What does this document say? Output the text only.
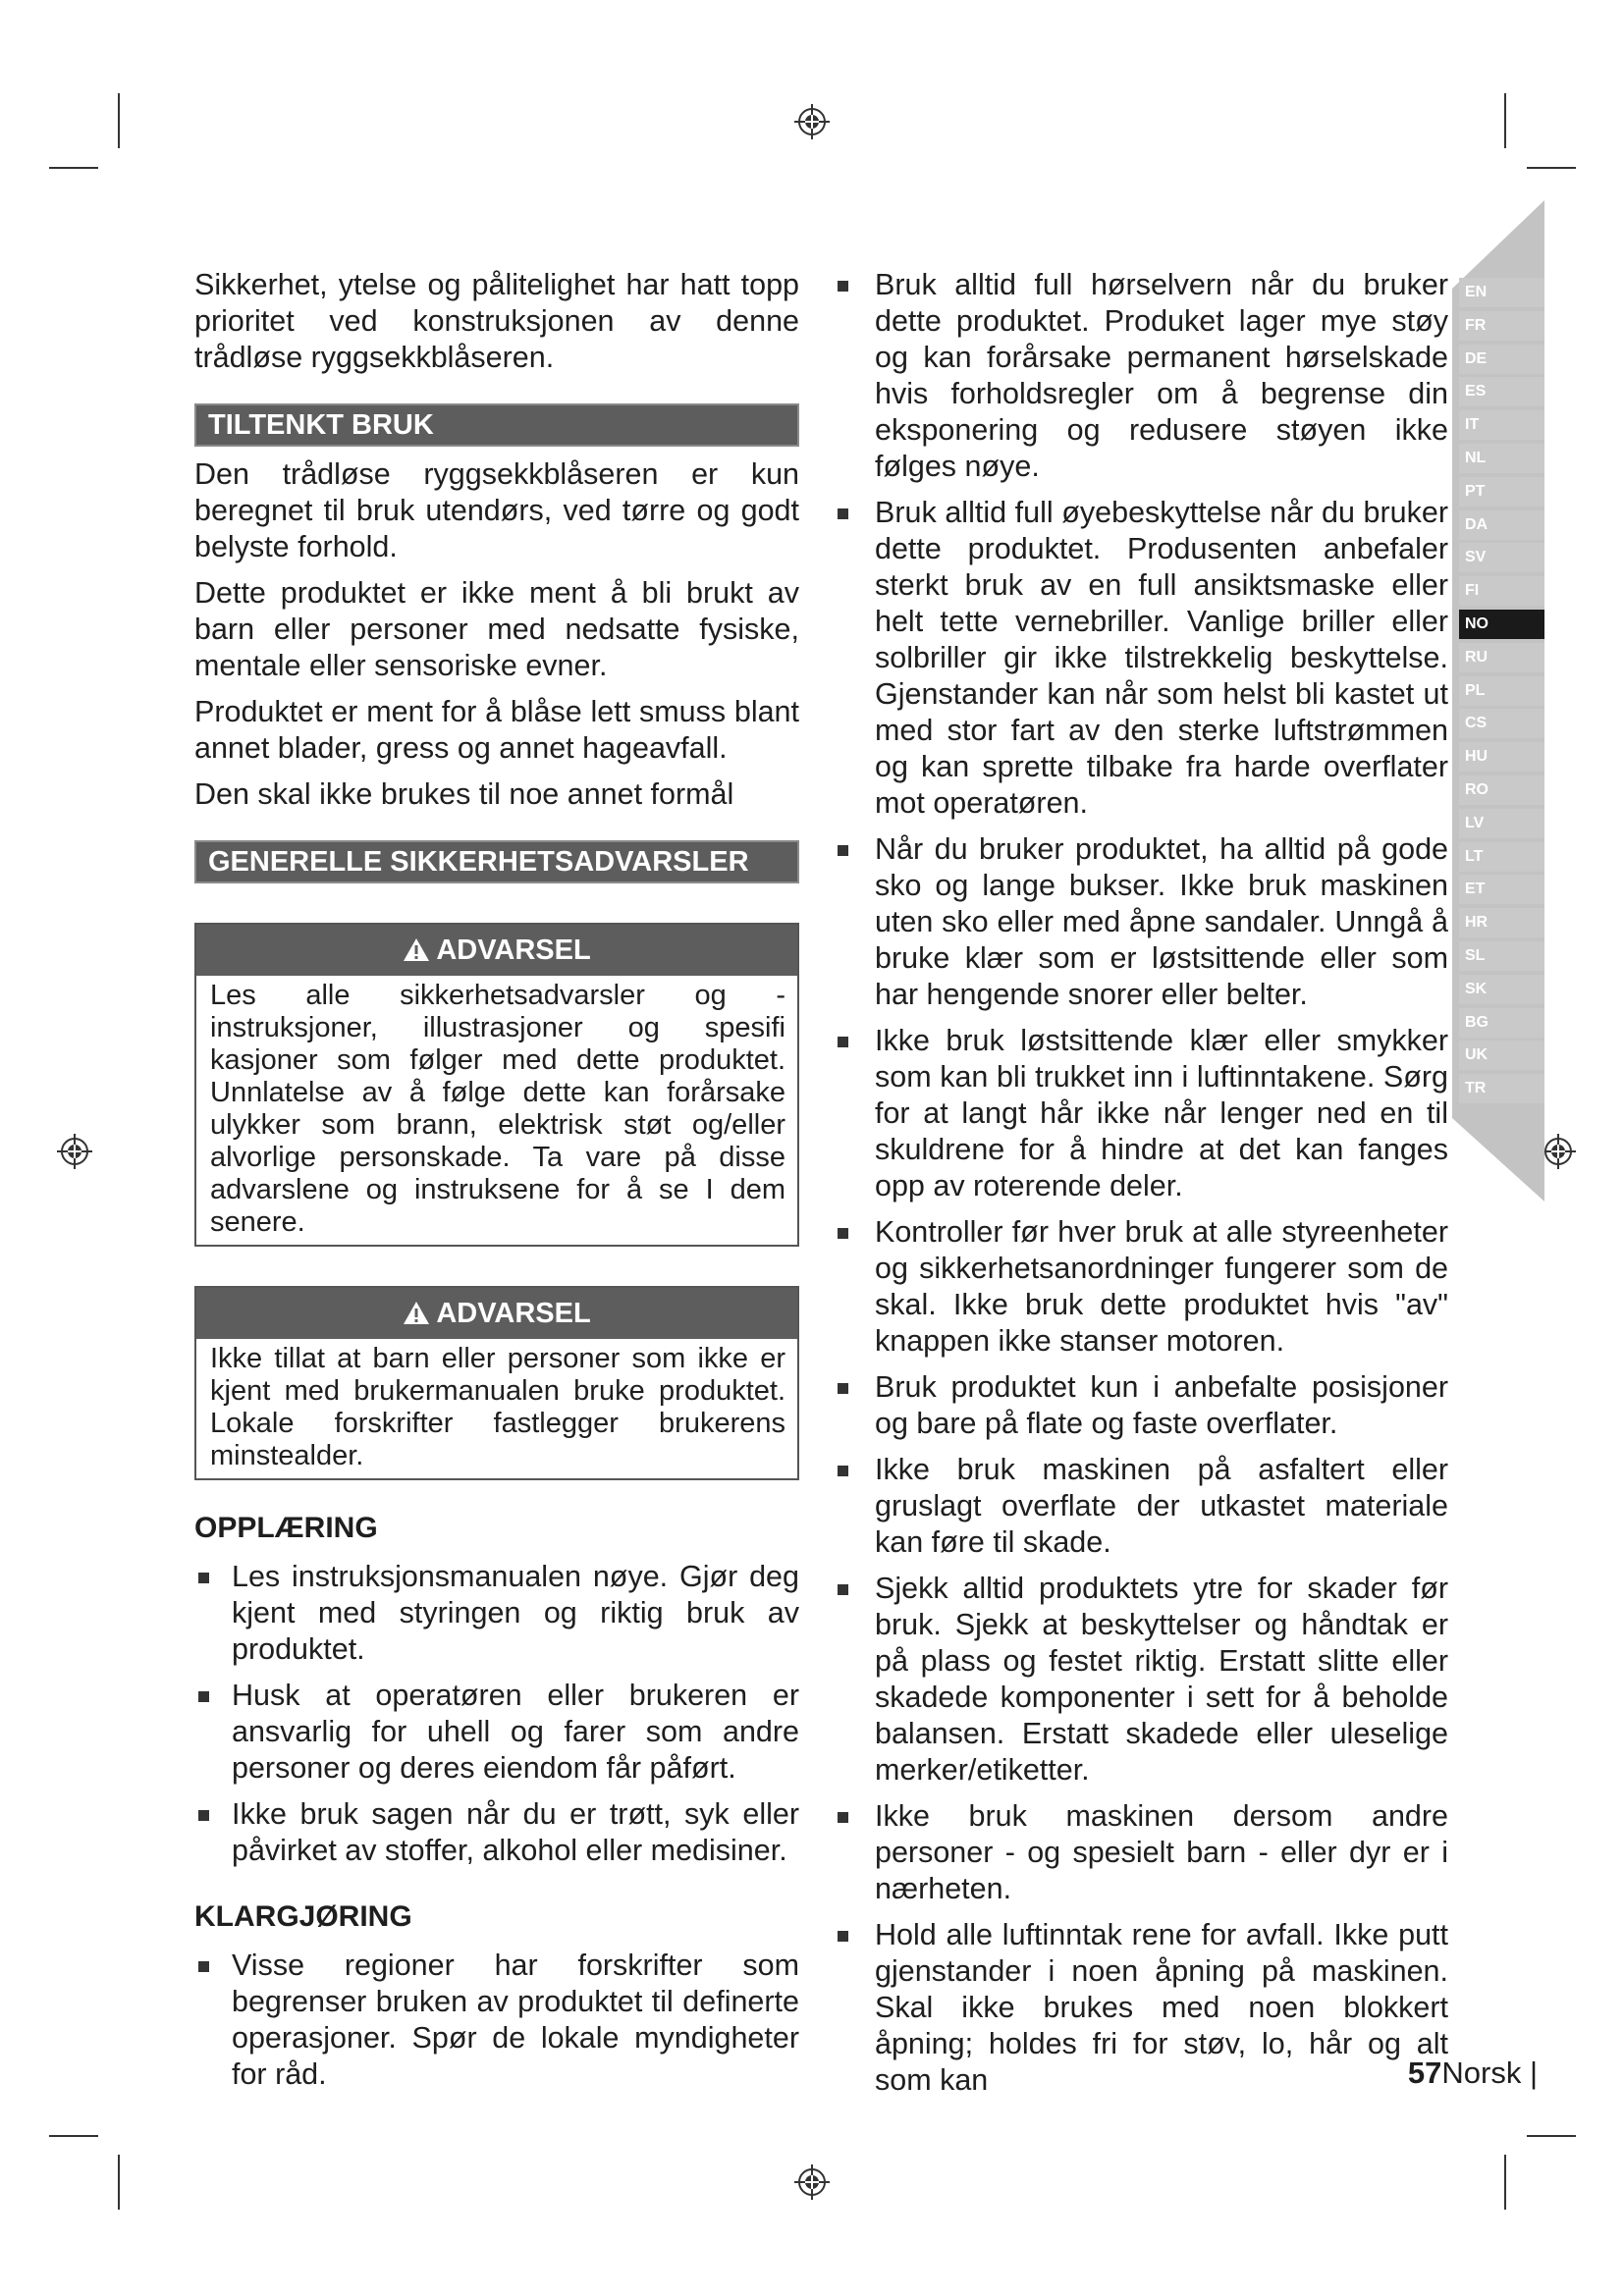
EN
FR
DE
ES
IT
NL
PT
DA
SV
FI
NO
RU
PL
CS
HU
RO
LV
LT
ET
HR
SL
SK
BG
UK
TR

Sikkerhet, ytelse og pålitelighet har hatt topp prioritet ved konstruksjonen av denne trådløse ryggsekkblåseren.

TILTENKT BRUK

Den trådløse ryggsekkblåseren er kun beregnet til bruk utendørs, ved tørre og godt belyste forhold.

Dette produktet er ikke ment å bli brukt av barn eller personer med nedsatte fysiske, mentale eller sensoriske evner.

Produktet er ment for å blåse lett smuss blant annet blader, gress og annet hageavfall.

Den skal ikke brukes til noe annet formål

GENERELLE SIKKERHETSADVARSLER
ADVARSEL
Les alle sikkerhetsadvarsler og -instruksjoner, illustrasjoner og spesifi kasjoner som følger med dette produktet. Unnlatelse av å følge dette kan forårsake ulykker som brann, elektrisk støt og/eller alvorlige personskade. Ta vare på disse advarslene og instruksene for å se I dem senere.
ADVARSEL
Ikke tillat at barn eller personer som ikke er kjent med brukermanualen bruke produktet. Lokale forskrifter fastlegger brukerens minstealder.
OPPLÆRING
Les instruksjonsmanualen nøye. Gjør deg kjent med styringen og riktig bruk av produktet.
Husk at operatøren eller brukeren er ansvarlig for uhell og farer som andre personer og deres eiendom får påført.
Ikke bruk sagen når du er trøtt, syk eller påvirket av stoffer, alkohol eller medisiner.
KLARGJØRING
Visse regioner har forskrifter som begrenser bruken av produktet til definerte operasjoner. Spør de lokale myndigheter for råd.
Bruk alltid full hørselvern når du bruker dette produktet. Produket lager mye støy og kan forårsake permanent hørselskade hvis forholdsregler om å begrense din eksponering og redusere støyen ikke følges nøye.
Bruk alltid full øyebeskyttelse når du bruker dette produktet. Produsenten anbefaler sterkt bruk av en full ansiktsmaske eller helt tette vernebriller. Vanlige briller eller solbriller gir ikke tilstrekkelig beskyttelse. Gjenstander kan når som helst bli kastet ut med stor fart av den sterke luftstrømmen og kan sprette tilbake fra harde overflater mot operatøren.
Når du bruker produktet, ha alltid på gode sko og lange bukser. Ikke bruk maskinen uten sko eller med åpne sandaler. Unngå å bruke klær som er løstsittende eller som har hengende snorer eller belter.
Ikke bruk løstsittende klær eller smykker som kan bli trukket inn i luftinntakene. Sørg for at langt hår ikke når lenger ned en til skuldrene for å hindre at det kan fanges opp av roterende deler.
Kontroller før hver bruk at alle styreenheter og sikkerhetsanordninger fungerer som de skal. Ikke bruk dette produktet hvis "av" knappen ikke stanser motoren.
Bruk produktet kun i anbefalte posisjoner og bare på flate og faste overflater.
Ikke bruk maskinen på asfaltert eller gruslagt overflate der utkastet materiale kan føre til skade.
Sjekk alltid produktets ytre for skader før bruk. Sjekk at beskyttelser og håndtak er på plass og festet riktig. Erstatt slitte eller skadede komponenter i sett for å beholde balansen. Erstatt skadede eller uleselige merker/etiketter.
Ikke bruk maskinen dersom andre personer - og spesielt barn - eller dyr er i nærheten.
Hold alle luftinntak rene for avfall. Ikke putt gjenstander i noen åpning på maskinen. Skal ikke brukes med noen blokkert åpning; holdes fri for støv, lo, hår og alt som kan	57Norsk |
